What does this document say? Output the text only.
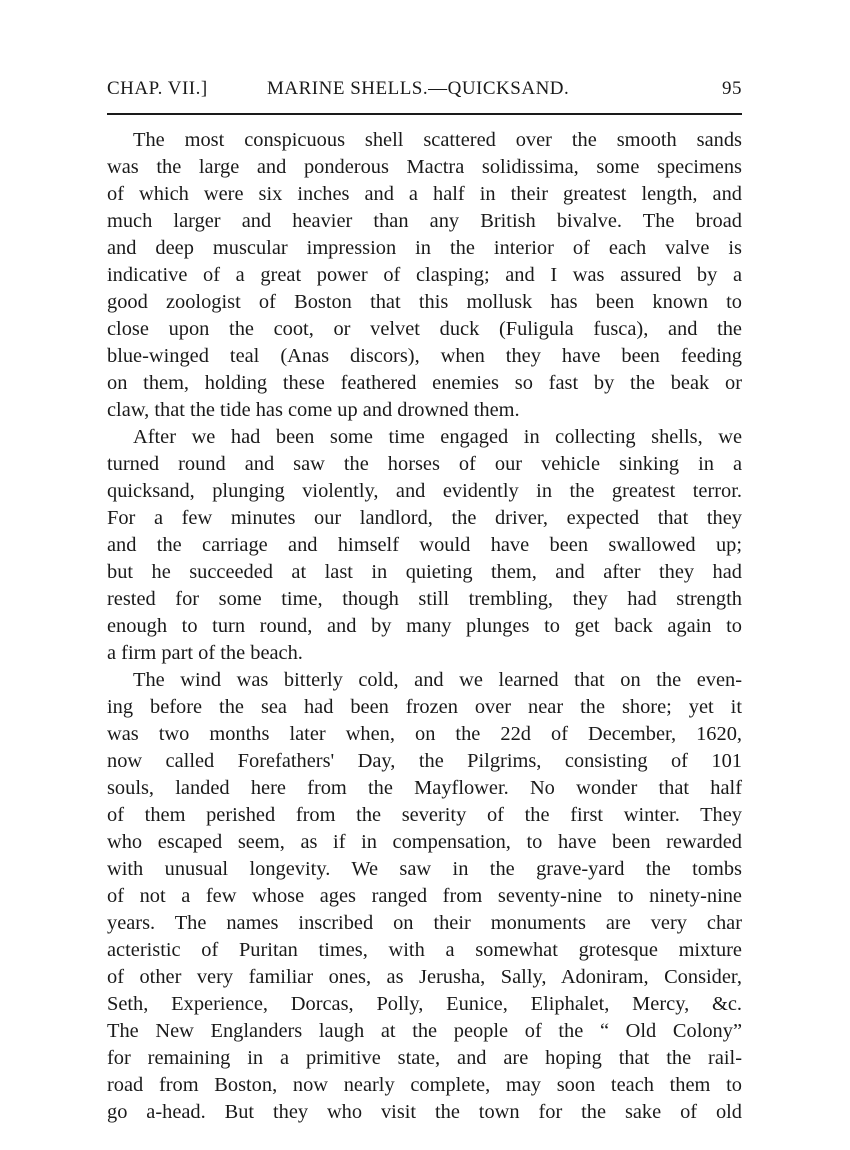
CHAP. VII.]	MARINE SHELLS.—QUICKSAND.	95
The most conspicuous shell scattered over the smooth sands
was the large and ponderous Mactra solidissima, some specimens
of which were six inches and a half in their greatest length, and
much larger and heavier than any British bivalve. The broad
and deep muscular impression in the interior of each valve is
indicative of a great power of clasping; and I was assured by a
good zoologist of Boston that this mollusk has been known to
close upon the coot, or velvet duck (Fuligula fusca), and the
blue-winged teal (Anas discors), when they have been feeding
on them, holding these feathered enemies so fast by the beak or
claw, that the tide has come up and drowned them.
After we had been some time engaged in collecting shells, we
turned round and saw the horses of our vehicle sinking in a
quicksand, plunging violently, and evidently in the greatest terror.
For a few minutes our landlord, the driver, expected that they
and the carriage and himself would have been swallowed up;
but he succeeded at last in quieting them, and after they had
rested for some time, though still trembling, they had strength
enough to turn round, and by many plunges to get back again to
a firm part of the beach.
The wind was bitterly cold, and we learned that on the even-
ing before the sea had been frozen over near the shore; yet it
was two months later when, on the 22d of December, 1620,
now called Forefathers' Day, the Pilgrims, consisting of 101
souls, landed here from the Mayflower. No wonder that half
of them perished from the severity of the first winter. They
who escaped seem, as if in compensation, to have been rewarded
with unusual longevity. We saw in the grave-yard the tombs
of not a few whose ages ranged from seventy-nine to ninety-nine
years. The names inscribed on their monuments are very char
acteristic of Puritan times, with a somewhat grotesque mixture
of other very familiar ones, as Jerusha, Sally, Adoniram, Consider,
Seth, Experience, Dorcas, Polly, Eunice, Eliphalet, Mercy, &c.
The New Englanders laugh at the people of the “ Old Colony”
for remaining in a primitive state, and are hoping that the rail-
road from Boston, now nearly complete, may soon teach them to
go a-head. But they who visit the town for the sake of old
